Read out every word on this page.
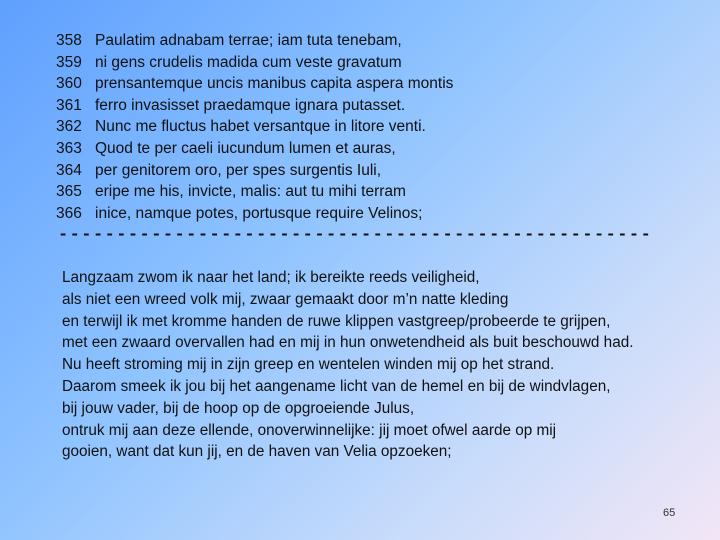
358 Paulatim adnabam terrae; iam tuta tenebam,
359 ni gens crudelis madida cum veste gravatum
360 prensantemque uncis manibus capita aspera montis
361 ferro invasisset praedamque ignara putasset.
362 Nunc me fluctus habet versantque in litore venti.
363 Quod te per caeli iucundum lumen et auras,
364 per genitorem oro, per spes surgentis Iuli,
365 eripe me his, invicte, malis: aut tu mihi terram
366 inice, namque potes, portusque require Velinos;
---------------------------------------------------
Langzaam zwom ik naar het land; ik bereikte reeds veiligheid,
als niet een wreed volk mij, zwaar gemaakt door m’n natte kleding
en terwijl ik met kromme handen de ruwe klippen vastgreep/probeerde te grijpen,
met een zwaard overvallen had en mij in hun onwetendheid als buit beschouwd had.
Nu heeft stroming mij in zijn greep en wentelen winden mij op het strand.
Daarom smeek ik jou bij het aangename licht van de hemel en bij de windvlagen,
bij jouw vader, bij de hoop op de opgroeiende Julus,
ontruk mij aan deze ellende, onoverwinnelijke: jij moet ofwel aarde op mij
gooien, want dat kun jij, en de haven van Velia opzoeken;
65
